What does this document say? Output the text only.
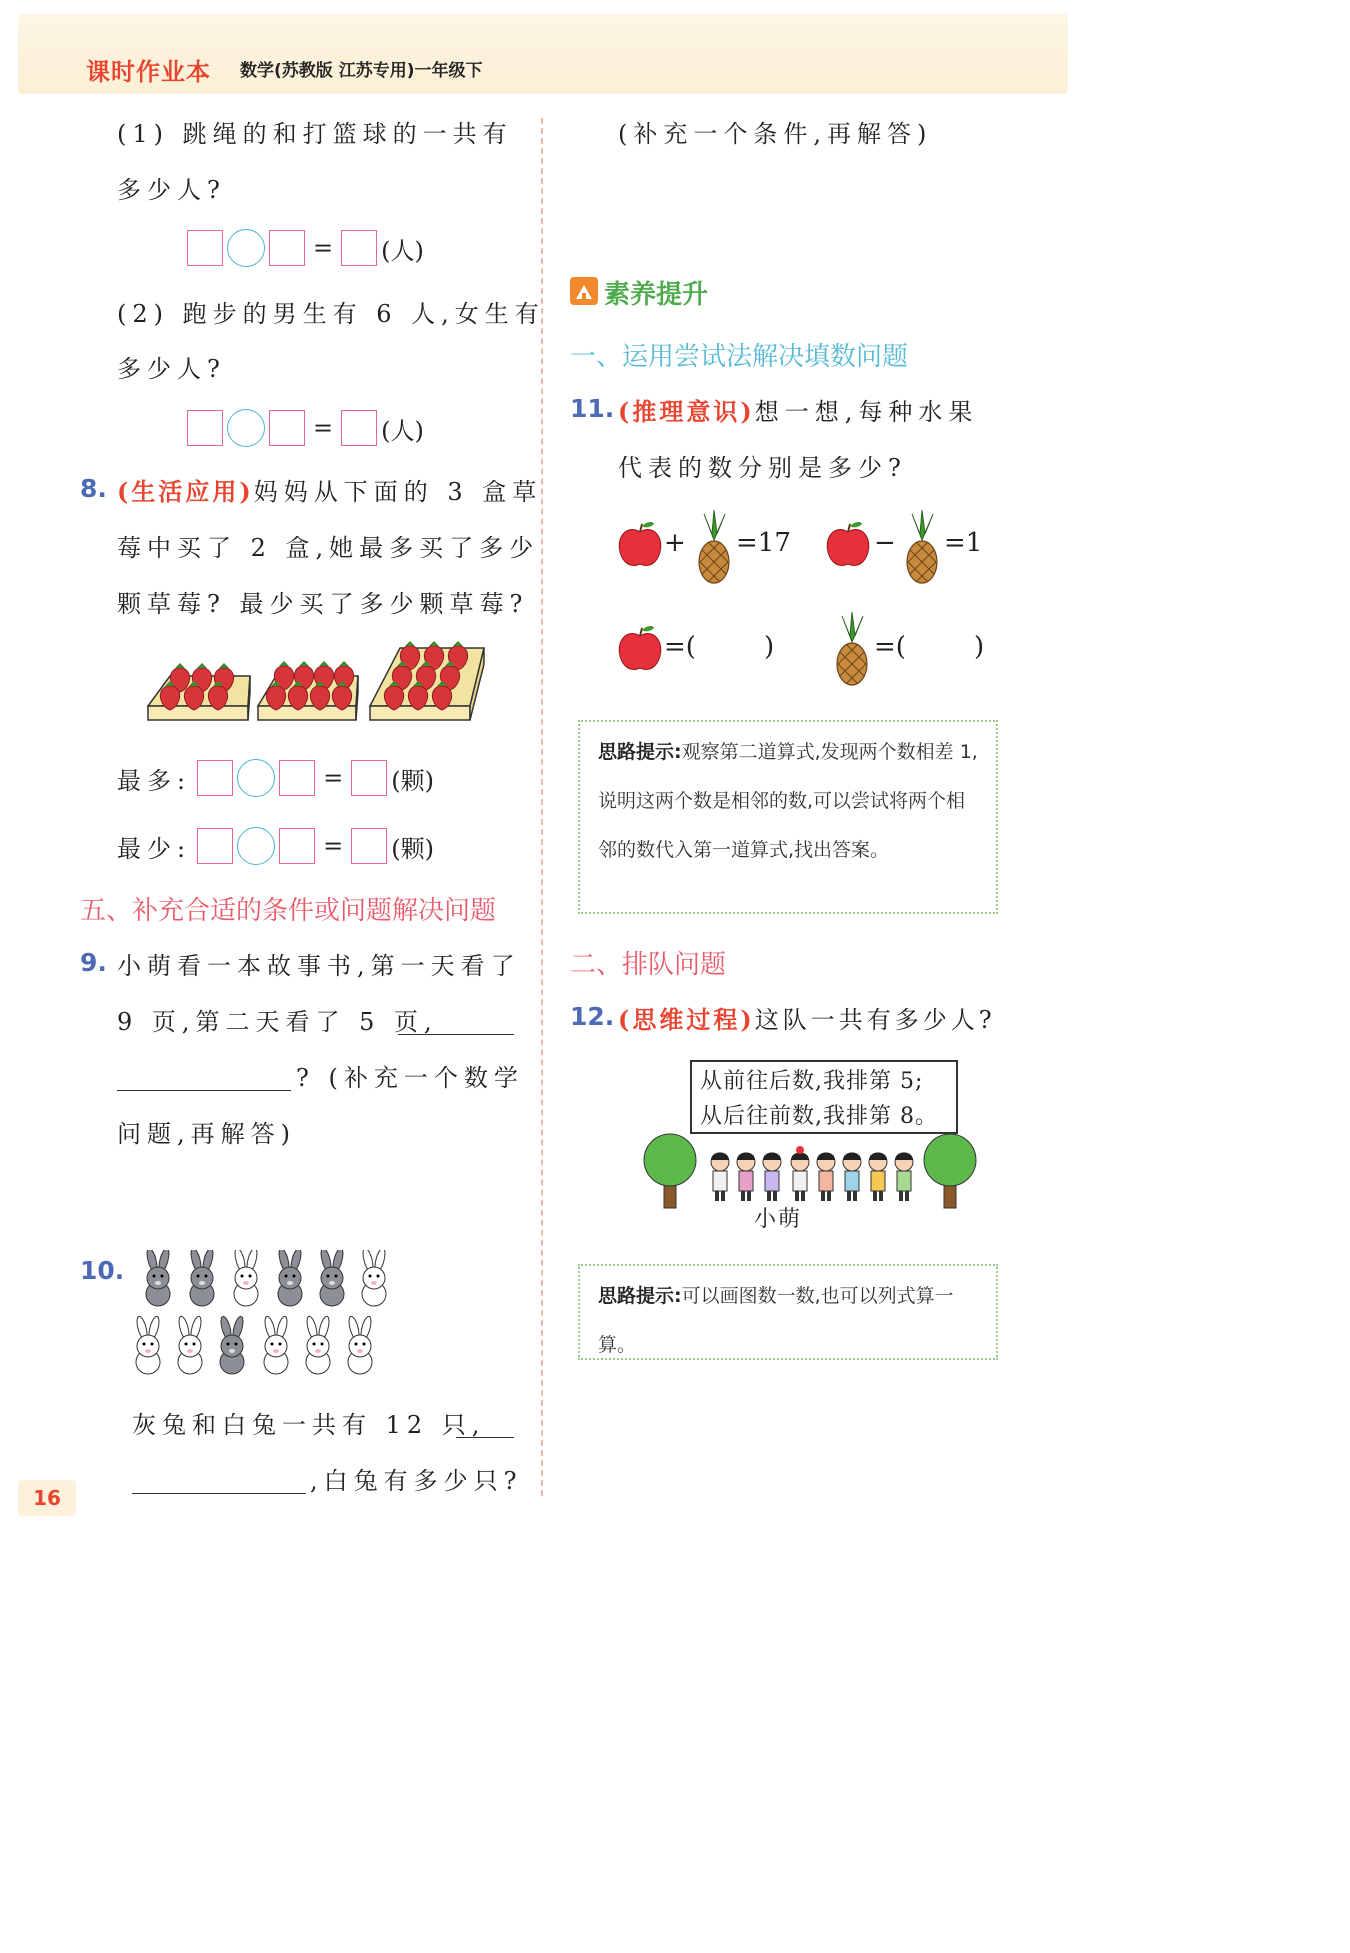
课时作业本 数学(苏教版 江苏专用)一年级下
(1) 跳绳的和打篮球的一共有
多少人?
= (人)
(2) 跑步的男生有 6 人,女生有
多少人?
= (人)
8. (生活应用)妈妈从下面的 3 盒草
莓中买了 2 盒,她最多买了多少
颗草莓? 最少买了多少颗草莓?
最多:	= (颗)
最少:	= (颗)
五、补充合适的条件或问题解决问题
9. 小萌看一本故事书,第一天看了
9 页,第二天看了 5 页,
? (补充一个数学
问题,再解答)
10.
灰兔和白兔一共有 12 只,
,白兔有多少只?
16
(补充一个条件,再解答)
素养提升
一、运用尝试法解决填数问题
11. (推理意识)想一想,每种水果
代表的数分别是多少?
+ =17	− =1
=(	)	=(	)
思路提示:观察第二道算式,发现两个数相差 1,说明这两个数是相邻的数,可以尝试将两个相邻的数代入第一道算式,找出答案。
二、排队问题
12. (思维过程)这队一共有多少人?
从前往后数,我排第 5;
从后往前数,我排第 8。
小萌
思路提示:可以画图数一数,也可以列式算一算。
